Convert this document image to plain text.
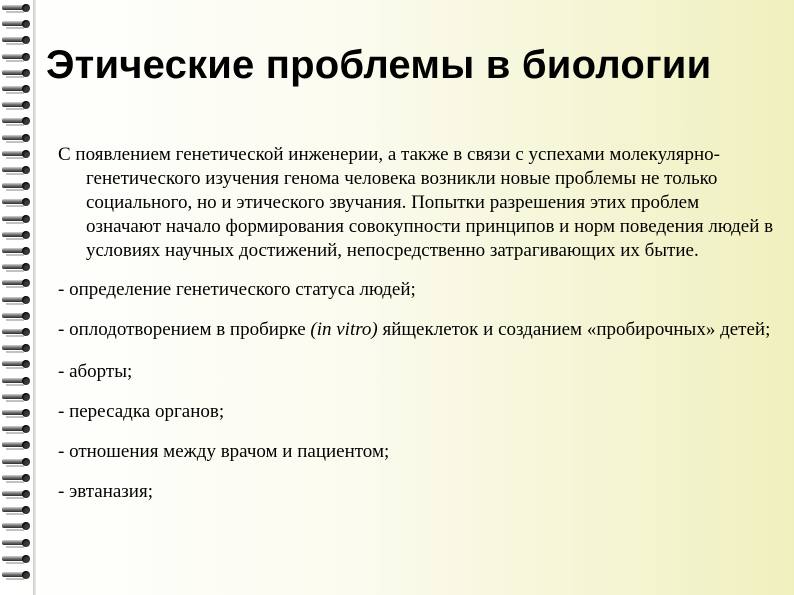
Этические проблемы в биологии

С появлением генетической инженерии, а также в связи с успехами молекулярно-генетического изучения генома человека возникли новые проблемы не только социального, но и этического звучания. Попытки разрешения этих проблем означают начало формирования совокупности принципов и норм поведения людей в условиях научных достижений, непосредственно затрагивающих их бытие.

- определение генетического статуса людей;

- оплодотворением в пробирке (in vitro) яйщеклеток и созданием «пробирочных» детей;

- аборты;

- пересадка органов;

- отношения между врачом и пациентом;

- эвтаназия;
